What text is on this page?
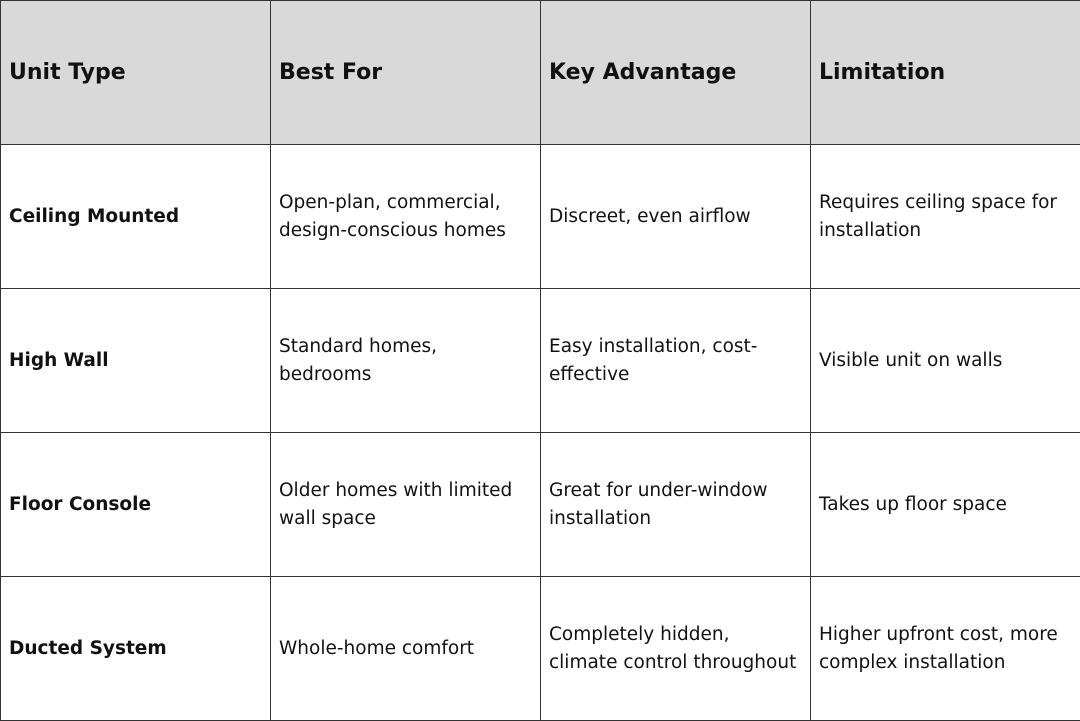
Unit Type	Best For	Key Advantage	Limitation
Ceiling Mounted	Open-plan, commercial, design-conscious homes	Discreet, even airflow	Requires ceiling space for installation
High Wall	Standard homes, bedrooms	Easy installation, cost-effective	Visible unit on walls
Floor Console	Older homes with limited wall space	Great for under-window installation	Takes up floor space
Ducted System	Whole-home comfort	Completely hidden, climate control throughout	Higher upfront cost, more complex installation
